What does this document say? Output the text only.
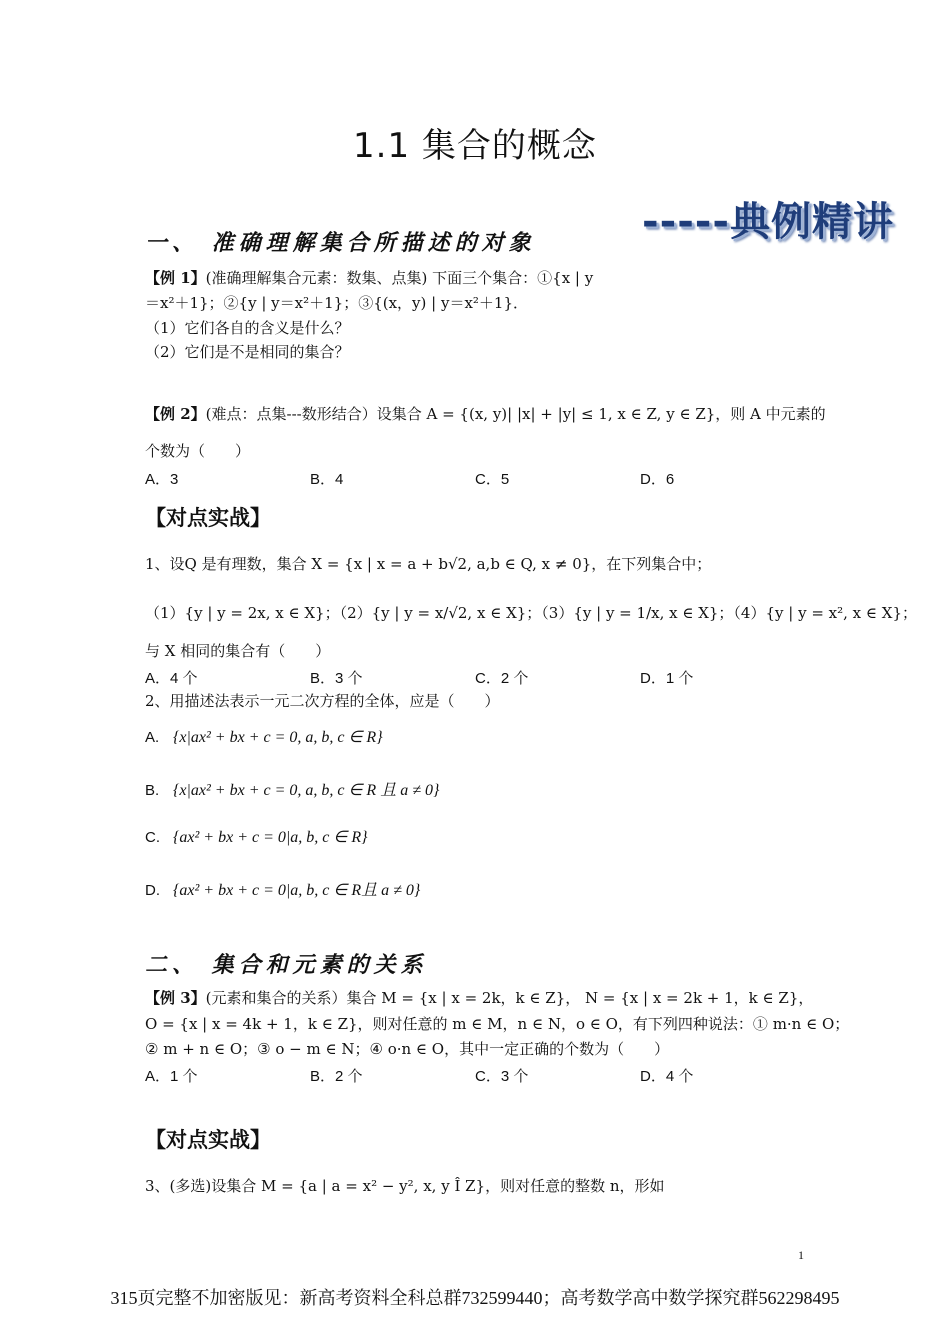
1.1 集合的概念
-----典例精讲
一、 准确理解集合所描述的对象
【例 1】(准确理解集合元素：数集、点集) 下面三个集合：①{x | y
＝x²＋1}；②{y | y＝x²＋1}；③{(x，y) | y＝x²＋1}．
（1）它们各自的含义是什么？
（2）它们是不是相同的集合？
【例 2】(难点：点集---数形结合）设集合 A = {(x, y)| |x| + |y| ≤ 1, x ∈ Z, y ∈ Z}，则 A 中元素的
个数为（　　）
A．3	B．4	C．5	D．6
【对点实战】
1、设Q 是有理数，集合 X = {x | x = a + b√2, a,b ∈ Q, x ≠ 0}，在下列集合中；
（1）{y | y = 2x, x ∈ X}；（2）{y | y = x/√2, x ∈ X}；（3）{y | y = 1/x, x ∈ X}；（4）{y | y = x², x ∈ X}；
与 X 相同的集合有（　　）
A．4 个	B．3 个	C．2 个	D．1 个
2、用描述法表示一元二次方程的全体，应是（　　）
A. {x|ax² + bx + c = 0, a, b, c ∈ R}
B. {x|ax² + bx + c = 0, a, b, c ∈ R 且 a ≠ 0}
C. {ax² + bx + c = 0|a, b, c ∈ R}
D. {ax² + bx + c = 0|a, b, c ∈ R且 a ≠ 0}
二、 集合和元素的关系
【例 3】(元素和集合的关系）集合 M = {x | x = 2k，k ∈ Z}， N = {x | x = 2k + 1，k ∈ Z}，
O = {x | x = 4k + 1，k ∈ Z}，则对任意的 m ∈ M，n ∈ N，o ∈ O，有下列四种说法：① m·n ∈ O；
② m + n ∈ O；③ o − m ∈ N；④ o·n ∈ O，其中一定正确的个数为（　　）
A．1 个	B．2 个	C．3 个	D．4 个
【对点实战】
3、(多选)设集合 M = {a | a = x² − y², x, y Î Z}，则对任意的整数 n，形如
1
315页完整不加密版见：新高考资料全科总群732599440；高考数学高中数学探究群562298495
